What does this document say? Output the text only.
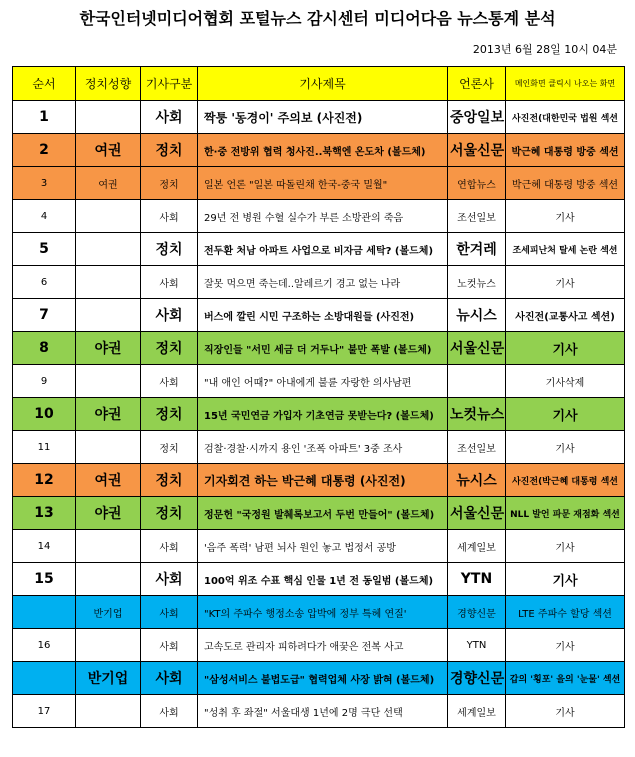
한국인터넷미디어협회 포털뉴스 감시센터 미디어다음 뉴스통계 분석
2013년 6월 28일 10시 04분
순서	정치성향	기사구분	기사제목	언론사	메인화면 클릭시 나오는 화면
1		사회	짝퉁 '동경이' 주의보 (사진전)	중앙일보	사진전(대한민국 법원 섹션
2	여권	정치	한·중 전방위 협력 청사진..북핵엔 온도차 (볼드체)	서울신문	박근혜 대통령 방중 섹션
3	여권	정치	일본 언론 "일본 따돌린채 한국-중국 밀월"	연합뉴스	박근혜 대통령 방중 섹션
4		사회	29년 전 병원 수혈 실수가 부른 소방관의 죽음	조선일보	기사
5		정치	전두환 처남 아파트 사업으로 비자금 세탁? (볼드체)	한겨레	조세피난처 탈세 논란 섹션
6		사회	잘못 먹으면 죽는데..알레르기 경고 없는 나라	노컷뉴스	기사
7		사회	버스에 깔린 시민 구조하는 소방대원들 (사진전)	뉴시스	사진전(교통사고 섹션)
8	야권	정치	직장인들 "서민 세금 더 거두나" 불만 폭발 (볼드체)	서울신문	기사
9		사회	"내 애인 어때?" 아내에게 불륜 자랑한 의사남편		기사삭제
10	야권	정치	15년 국민연금 가입자 기초연금 못받는다? (볼드체)	노컷뉴스	기사
11		정치	검찰·경찰·시까지 용인 '조폭 아파트' 3중 조사	조선일보	기사
12	여권	정치	기자회견 하는 박근혜 대통령 (사진전)	뉴시스	사진전(박근혜 대통령 섹션
13	야권	정치	정문헌 "국정원 발췌록보고서 두번 만들어" (볼드체)	서울신문	NLL 발언 파문 재점화 섹션
14		사회	'음주 폭력' 남편 뇌사 원인 놓고 법정서 공방	세계일보	기사
15		사회	100억 위조 수표 핵심 인물 1년 전 동일범 (볼드체)	YTN	기사
	반기업	사회	"KT의 주파수 행정소송 압박에 정부 특혜 연질'	경향신문	LTE 주파수 할당 섹션
16		사회	고속도로 관리자 피하려다가 애꿎은 전복 사고	YTN	기사
	반기업	사회	"삼성서비스 불법도급" 협력업체 사장 밝혀 (볼드체)	경향신문	갑의 '횡포' 을의 '눈물' 섹션
17		사회	"성취 후 좌절" 서울대생 1년에 2명 극단 선택	세계일보	기사
